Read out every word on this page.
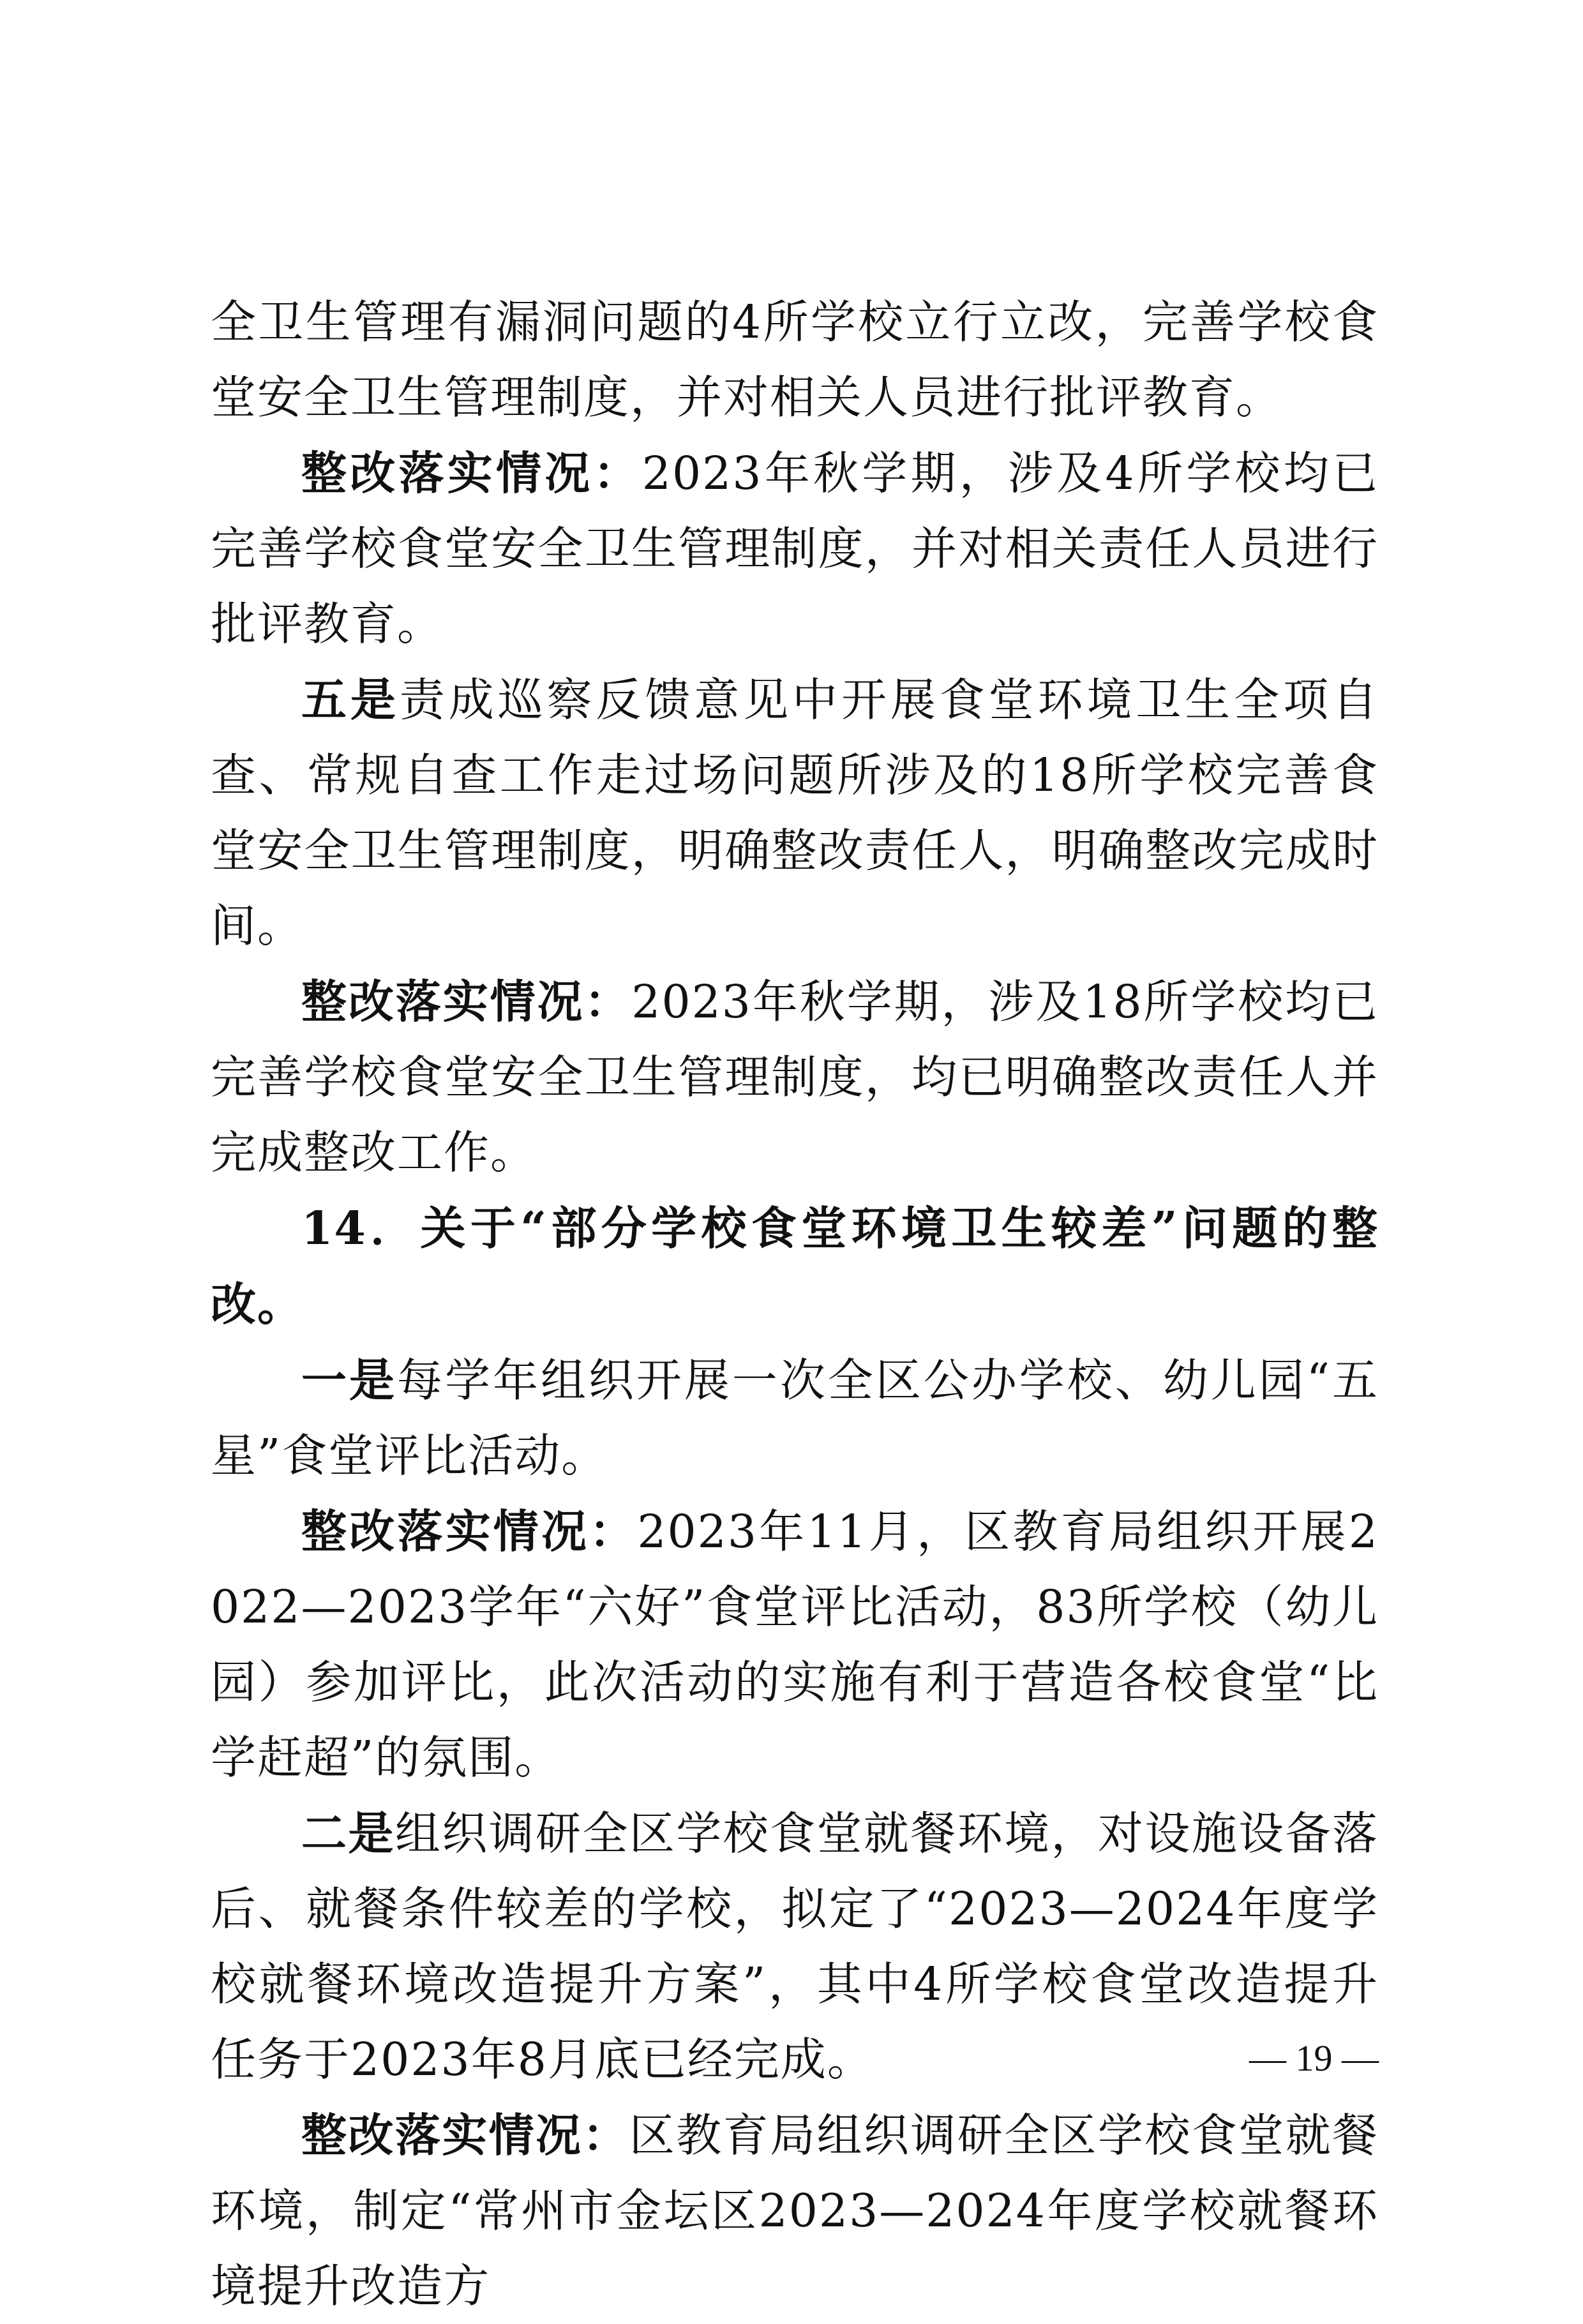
全卫生管理有漏洞问题的4所学校立行立改，完善学校食堂安全卫生管理制度，并对相关人员进行批评教育。

整改落实情况：2023年秋学期，涉及4所学校均已完善学校食堂安全卫生管理制度，并对相关责任人员进行批评教育。

五是责成巡察反馈意见中开展食堂环境卫生全项自查、常规自查工作走过场问题所涉及的18所学校完善食堂安全卫生管理制度，明确整改责任人，明确整改完成时间。

整改落实情况：2023年秋学期，涉及18所学校均已完善学校食堂安全卫生管理制度，均已明确整改责任人并完成整改工作。

14．关于“部分学校食堂环境卫生较差”问题的整改。

一是每学年组织开展一次全区公办学校、幼儿园“五星”食堂评比活动。

整改落实情况：2023年11月，区教育局组织开展2022—2023学年“六好”食堂评比活动，83所学校（幼儿园）参加评比，此次活动的实施有利于营造各校食堂“比学赶超”的氛围。

二是组织调研全区学校食堂就餐环境，对设施设备落后、就餐条件较差的学校，拟定了“2023—2024年度学校就餐环境改造提升方案”，其中4所学校食堂改造提升任务于2023年8月底已经完成。

整改落实情况：区教育局组织调研全区学校食堂就餐环境，制定“常州市金坛区2023—2024年度学校就餐环境提升改造方

— 19 —
